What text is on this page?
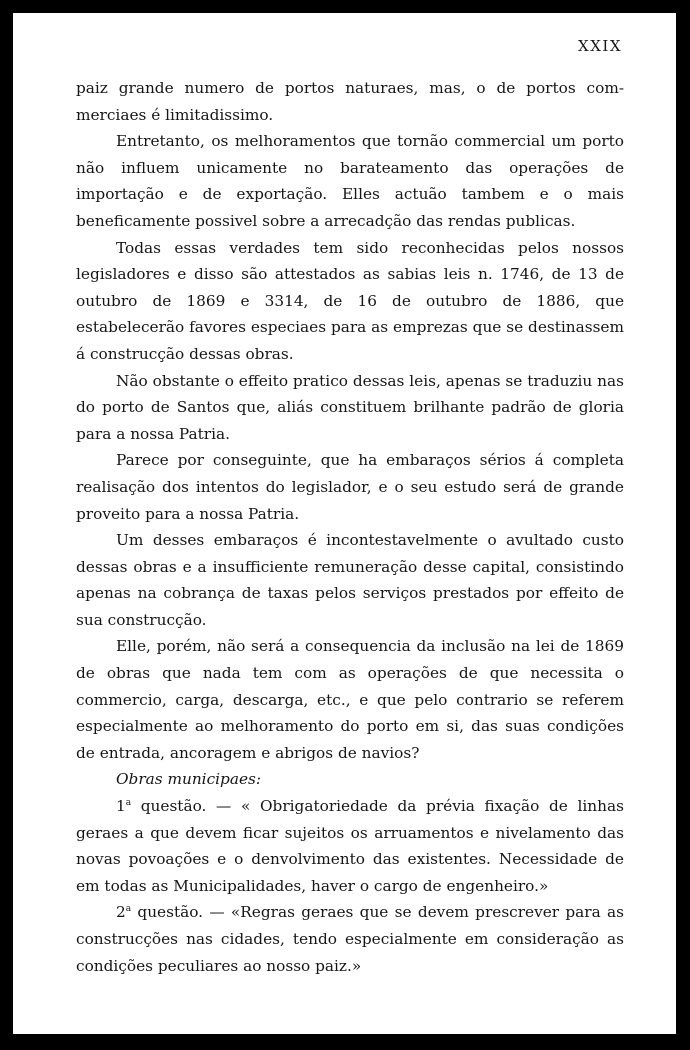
XXIX

paiz grande numero de portos naturaes, mas, o de portos commerciaes é limitadissimo.

Entretanto, os melhoramentos que tornão commercial um porto não influem unicamente no barateamento das operações de importação e de exportação. Elles actuão tambem e o mais beneficamente possivel sobre a arrecadção das rendas publicas.

Todas essas verdades tem sido reconhecidas pelos nossos legisladores e disso são attestados as sabias leis n. 1746, de 13 de outubro de 1869 e 3314, de 16 de outubro de 1886, que estabelecerão favores especiaes para as emprezas que se destinassem á construcção dessas obras.

Não obstante o effeito pratico dessas leis, apenas se traduziu nas do porto de Santos que, aliás constituem brilhante padrão de gloria para a nossa Patria.

Parece por conseguinte, que ha embaraços sérios á completa realisação dos intentos do legislador, e o seu estudo será de grande proveito para a nossa Patria.

Um desses embaraços é incontestavelmente o avultado custo dessas obras e a insufficiente remuneração desse capital, consistindo apenas na cobrança de taxas pelos serviços prestados por effeito de sua construcção.

Elle, porém, não será a consequencia da inclusão na lei de 1869 de obras que nada tem com as operações de que necessita o commercio, carga, descarga, etc., e que pelo contrario se referem especialmente ao melhoramento do porto em si, das suas condições de entrada, ancoragem e abrigos de navios?

Obras municipaes:

1$^a$ questão. — « Obrigatoriedade da prévia fixação de linhas geraes a que devem ficar sujeitos os arruamentos e nivelamento das novas povoações e o denvolvimento das existentes. Necessidade de em todas as Municipalidades, haver o cargo de engenheiro.»

2$^a$ questão. — «Regras geraes que se devem prescrever para as construcções nas cidades, tendo especialmente em consideração as condições peculiares ao nosso paiz.»
